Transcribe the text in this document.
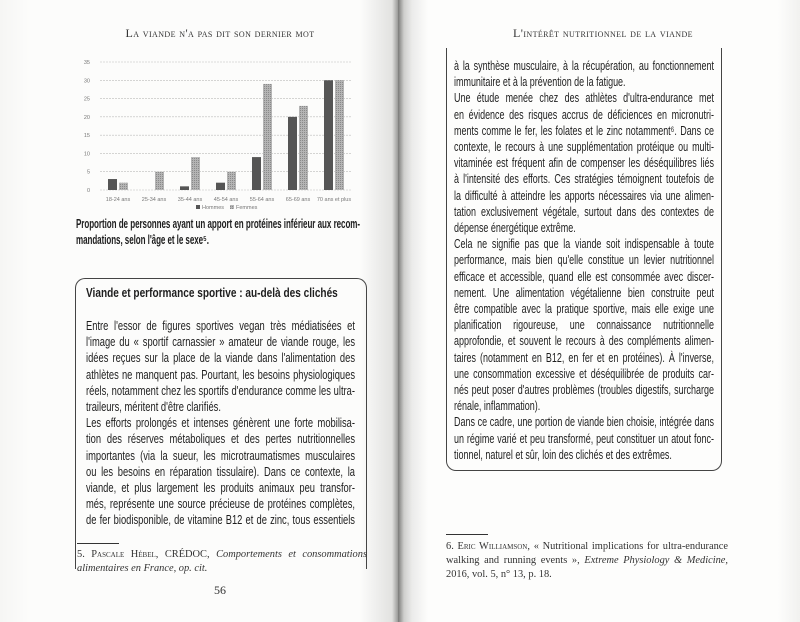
La viande n'a pas dit son dernier mot
0
5
10
15
20
25
30
35
18-24 ans 25-34 ans 35-44 ans 45-54 ans 55-64 ans 65-69 ans 70 ans et plus
Hommes Femmes
Proportion de personnes ayant un apport en protéines inférieur aux recom-
mandations, selon l'âge et le sexe⁵.
Viande et performance sportive : au-delà des clichés
Entre l'essor de figures sportives vegan très médiatisées et
l'image du « sportif carnassier » amateur de viande rouge, les
idées reçues sur la place de la viande dans l'alimentation des
athlètes ne manquent pas. Pourtant, les besoins physiologiques
réels, notamment chez les sportifs d'endurance comme les ultra-
traileurs, méritent d'être clarifiés.
Les efforts prolongés et intenses génèrent une forte mobilisa-
tion des réserves métaboliques et des pertes nutritionnelles
importantes (via la sueur, les microtraumatismes musculaires
ou les besoins en réparation tissulaire). Dans ce contexte, la
viande, et plus largement les produits animaux peu transfor-
més, représente une source précieuse de protéines complètes,
de fer biodisponible, de vitamine B12 et de zinc, tous essentiels
5. Pascale Hébel, CRÉDOC, Comportements et consommations alimentaires en France, op. cit.
56
L'intérêt nutritionnel de la viande
à la synthèse musculaire, à la récupération, au fonctionnement
immunitaire et à la prévention de la fatigue.
Une étude menée chez des athlètes d'ultra-endurance met
en évidence des risques accrus de déficiences en micronutri-
ments comme le fer, les folates et le zinc notamment⁶. Dans ce
contexte, le recours à une supplémentation protéique ou multi-
vitaminée est fréquent afin de compenser les déséquilibres liés
à l'intensité des efforts. Ces stratégies témoignent toutefois de
la difficulté à atteindre les apports nécessaires via une alimen-
tation exclusivement végétale, surtout dans des contextes de
dépense énergétique extrême.
Cela ne signifie pas que la viande soit indispensable à toute
performance, mais bien qu'elle constitue un levier nutritionnel
efficace et accessible, quand elle est consommée avec discer-
nement. Une alimentation végétalienne bien construite peut
être compatible avec la pratique sportive, mais elle exige une
planification rigoureuse, une connaissance nutritionnelle
approfondie, et souvent le recours à des compléments alimen-
taires (notamment en B12, en fer et en protéines). À l'inverse,
une consommation excessive et déséquilibrée de produits car-
nés peut poser d'autres problèmes (troubles digestifs, surcharge
rénale, inflammation).
Dans ce cadre, une portion de viande bien choisie, intégrée dans
un régime varié et peu transformé, peut constituer un atout fonc-
tionnel, naturel et sûr, loin des clichés et des extrêmes.
6. Eric Williamson, « Nutritional implications for ultra-endurance walking and running events », Extreme Physiology & Medicine, 2016, vol. 5, n° 13, p. 18.
